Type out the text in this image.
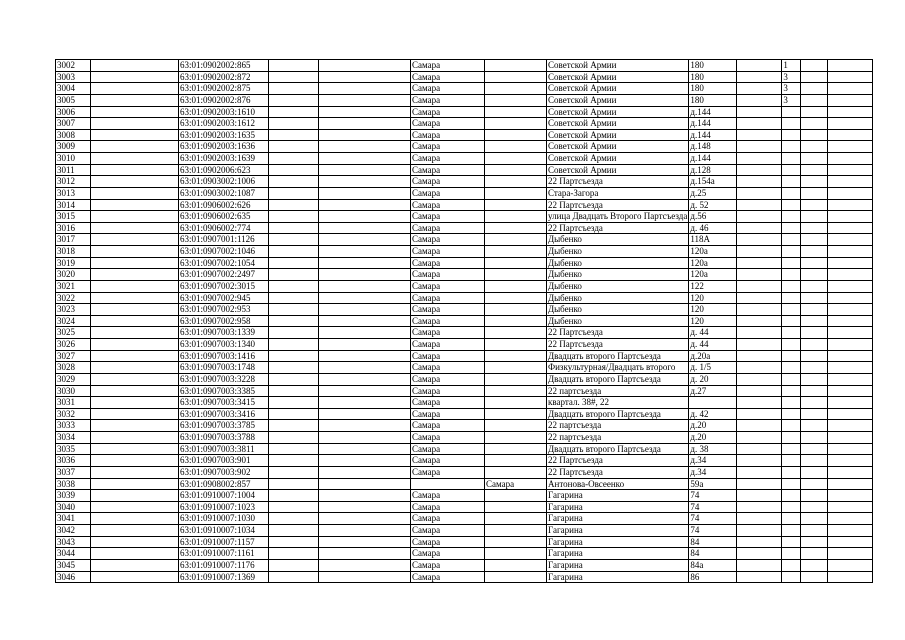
3002		63:01:0902002:865			Самара		Советской Армии	180		1		
3003		63:01:0902002:872			Самара		Советской Армии	180		3		
3004		63:01:0902002:875			Самара		Советской Армии	180		3		
3005		63:01:0902002:876			Самара		Советской Армии	180		3		
3006		63:01:0902003:1610			Самара		Советской Армии	д.144				
3007		63:01:0902003:1612			Самара		Советской Армии	д.144				
3008		63:01:0902003:1635			Самара		Советской Армии	д.144				
3009		63:01:0902003:1636			Самара		Советской Армии	д.148				
3010		63:01:0902003:1639			Самара		Советской Армии	д.144				
3011		63:01:0902006:623			Самара		Советской Армии	д.128				
3012		63:01:0903002:1006			Самара		22 Партсъезда	д.154а				
3013		63:01:0903002:1087			Самара		Стара-Загора	д.25				
3014		63:01:0906002:626			Самара		22 Партсъезда	д. 52				
3015		63:01:0906002:635			Самара		улица Двадцать Второго Партсъезда	д.56				
3016		63:01:0906002:774			Самара		22 Партсъезда	д. 46				
3017		63:01:0907001:1126			Самара		Дыбенко	118А				
3018		63:01:0907002:1046			Самара		Дыбенко	120а				
3019		63:01:0907002:1054			Самара		Дыбенко	120а				
3020		63:01:0907002:2497			Самара		Дыбенко	120а				
3021		63:01:0907002:3015			Самара		Дыбенко	122				
3022		63:01:0907002:945			Самара		Дыбенко	120				
3023		63:01:0907002:953			Самара		Дыбенко	120				
3024		63:01:0907002:958			Самара		Дыбенко	120				
3025		63:01:0907003:1339			Самара		22 Партсъезда	д. 44				
3026		63:01:0907003:1340			Самара		22 Партсъезда	д. 44				
3027		63:01:0907003:1416			Самара		Двадцать второго Партсъезда	д.20а				
3028		63:01:0907003:1748			Самара		Физкультурная/Двадцать второго	д. 1/5				
3029		63:01:0907003:3228			Самара		Двадцать второго Партсъезда	д. 20				
3030		63:01:0907003:3385			Самара		22 партсъезда	д.27				
3031		63:01:0907003:3415			Самара		квартал. 38#, 22					
3032		63:01:0907003:3416			Самара		Двадцать второго Партсъезда	д. 42				
3033		63:01:0907003:3785			Самара		22 партсъезда	д.20				
3034		63:01:0907003:3788			Самара		22 партсъезда	д.20				
3035		63:01:0907003:3811			Самара		Двадцать второго Партсъезда	д. 38				
3036		63:01:0907003:901			Самара		22 Партсъезда	д.34				
3037		63:01:0907003:902			Самара		22 Партсъезда	д.34				
3038		63:01:0908002:857				Самара	Антонова-Овсеенко	59а				
3039		63:01:0910007:1004			Самара		Гагарина	74				
3040		63:01:0910007:1023			Самара		Гагарина	74				
3041		63:01:0910007:1030			Самара		Гагарина	74				
3042		63:01:0910007:1034			Самара		Гагарина	74				
3043		63:01:0910007:1157			Самара		Гагарина	84				
3044		63:01:0910007:1161			Самара		Гагарина	84				
3045		63:01:0910007:1176			Самара		Гагарина	84а				
3046		63:01:0910007:1369			Самара		Гагарина	86				
